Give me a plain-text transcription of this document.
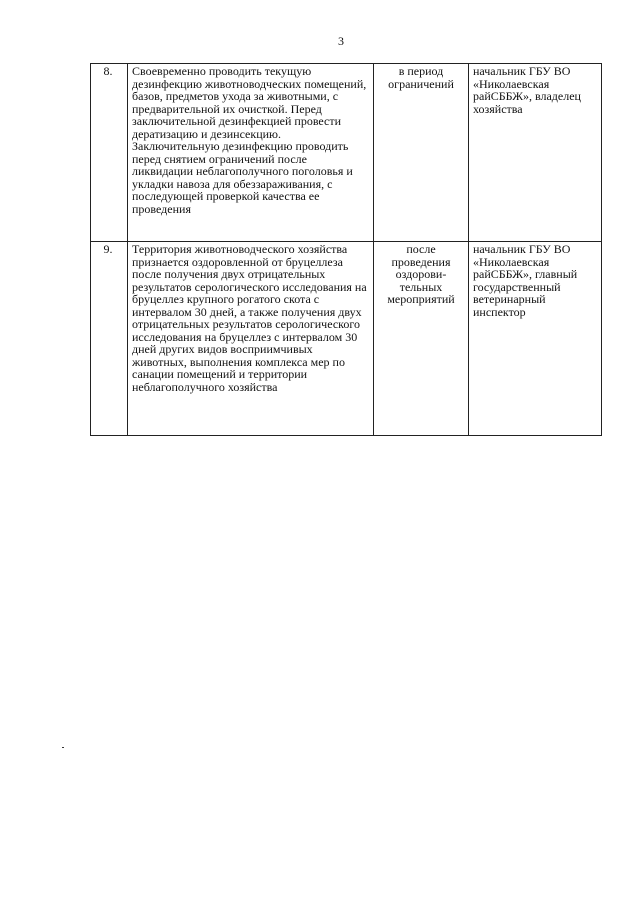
3
8.	Своевременно проводить текущую дезинфекцию животноводческих помещений, базов, предметов ухода за животными, с предварительной их очисткой. Перед заключительной дезинфекцией провести дератизацию и дезинсекцию. Заключительную дезинфекцию проводить перед снятием ограничений после ликвидации неблагополучного поголовья и укладки навоза для обеззараживания, с последующей проверкой качества ее проведения	в период ограничений	начальник ГБУ ВО «Николаевская райСББЖ», владелец хозяйства
9.	Территория животноводческого хозяйства признается оздоровленной от бруцеллеза после получения двух отрицательных результатов серологического исследования на бруцеллез крупного рогатого скота с интервалом 30 дней, а также получения двух отрицательных результатов серологического исследования на бруцеллез с интервалом 30 дней других видов восприимчивых животных, выполнения комплекса мер по санации помещений и территории неблагополучного хозяйства	после проведения оздорови-тельных мероприятий	начальник ГБУ ВО «Николаевская райСББЖ», главный государственный ветеринарный инспектор
